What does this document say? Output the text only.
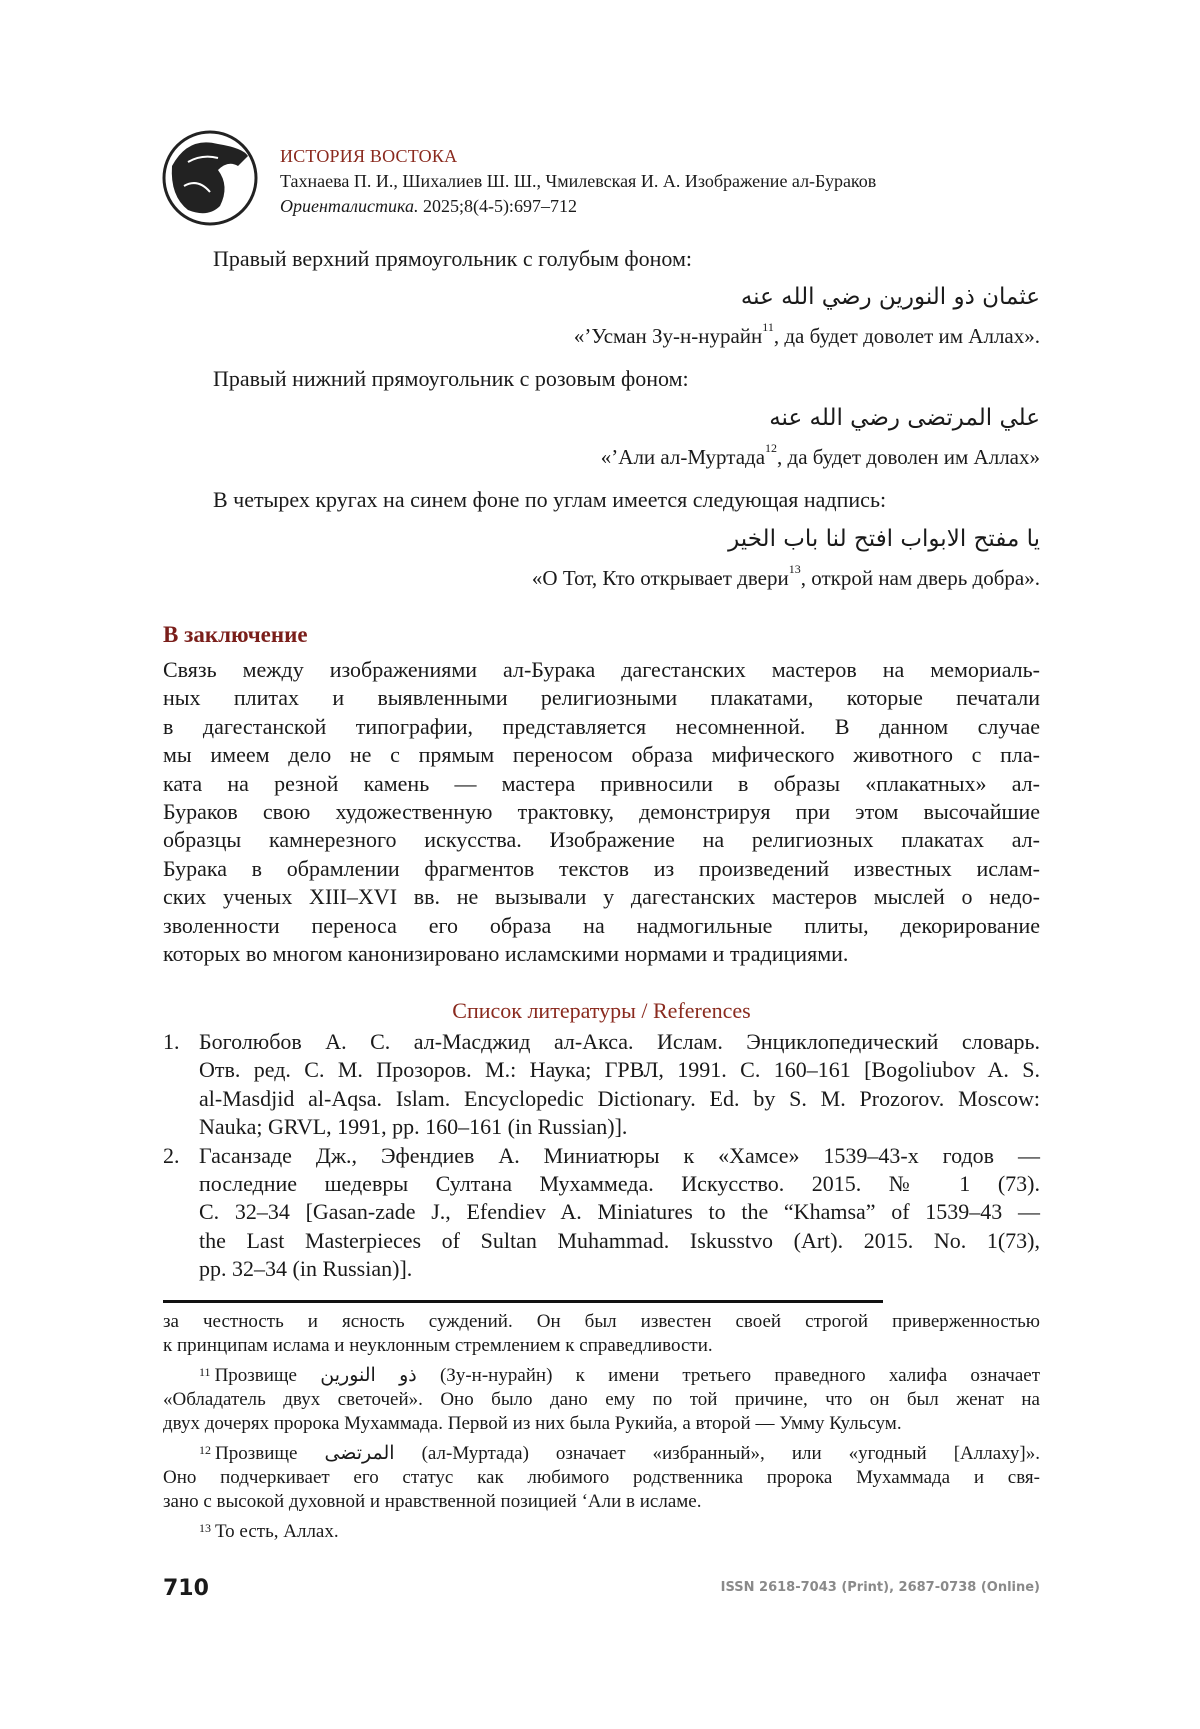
ИСТОРИЯ ВОСТОКА
Тахнаева П. И., Шихалиев Ш. Ш., Чмилевская И. А. Изображение ал-Бураков
Ориенталистика. 2025;8(4-5):697–712
Правый верхний прямоугольник с голубым фоном:
عثمان ذو النورين رضي الله عنه
«’Усман Зу-н-нурайн$^{11}$, да будет доволет им Аллах».
Правый нижний прямоугольник с розовым фоном:
علي المرتضى رضي الله عنه
«’Али ал-Муртада$^{12}$, да будет доволен им Аллах»
В четырех кругах на синем фоне по углам имеется следующая надпись:
يا مفتح الابواب افتح لنا باب الخير
«О Тот, Кто открывает двери$^{13}$, открой нам дверь добра».
В заключение
Связь между изображениями ал-Бурака дагестанских мастеров на мемориаль-
ных плитах и выявленными религиозными плакатами, которые печатали
в дагестанской типографии, представляется несомненной. В данном случае
мы имеем дело не с прямым переносом образа мифического животного с пла-
ката на резной камень — мастера привносили в образы «плакатных» ал-
Бураков свою художественную трактовку, демонстрируя при этом высочайшие
образцы камнерезного искусства. Изображение на религиозных плакатах ал-
Бурака в обрамлении фрагментов текстов из произведений известных ислам-
ских ученых XIII–XVI вв. не вызывали у дагестанских мастеров мыслей о недо-
зволенности переноса его образа на надмогильные плиты, декорирование
которых во многом канонизировано исламскими нормами и традициями.
Список литературы / References
1. Боголюбов А. С. ал-Масджид ал-Акса. Ислам. Энциклопедический словарь.
Отв. ред. С. М. Прозоров. М.: Наука; ГРВЛ, 1991. С. 160–161 [Bogoliubov A. S.
al-Masdjid al-Aqsa. Islam. Encyclopedic Dictionary. Ed. by S. M. Prozorov. Moscow:
Nauka; GRVL, 1991, pp. 160–161 (in Russian)].
2. Гасанзаде Дж., Эфендиев А. Миниатюры к «Хамсе» 1539–43-х годов —
последние шедевры Султана Мухаммеда. Искусство. 2015. № 1 (73).
С. 32–34 [Gasan-zade J., Efendiev A. Miniatures to the “Khamsa” of 1539–43 —
the Last Masterpieces of Sultan Muhammad. Iskusstvo (Art). 2015. No. 1(73),
pp. 32–34 (in Russian)].
за честность и ясность суждений. Он был известен своей строгой приверженностью
к принципам ислама и неуклонным стремлением к справедливости.
$^{11}$ Прозвище ذو النورين (Зу-н-нурайн) к имени третьего праведного халифа означает
«Обладатель двух светочей». Оно было дано ему по той причине, что он был женат на
двух дочерях пророка Мухаммада. Первой из них была Рукийа, а второй — Умму Кульсум.
$^{12}$ Прозвище المرتضى (ал-Муртада) означает «избранный», или «угодный [Аллаху]».
Оно подчеркивает его статус как любимого родственника пророка Мухаммада и свя-
зано с высокой духовной и нравственной позицией ‘Али в исламе.
$^{13}$ То есть, Аллах.
710	ISSN 2618-7043 (Print), 2687-0738 (Online)
